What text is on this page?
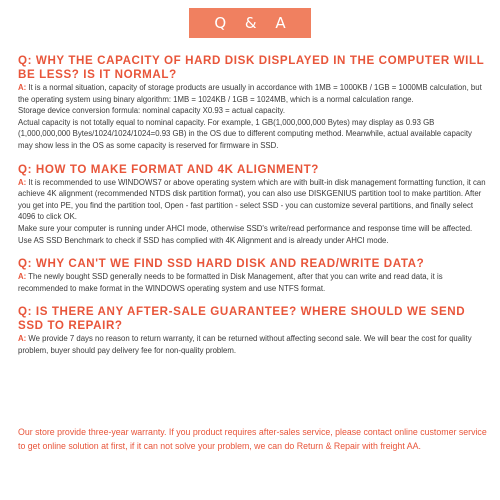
Q & A
Q: WHY THE CAPACITY OF HARD DISK DISPLAYED IN THE COMPUTER WILL BE LESS? IS IT NORMAL?
A: It is a normal situation, capacity of storage products are usually in accordance with 1MB = 1000KB / 1GB = 1000MB calculation, but the operating system using binary algorithm: 1MB = 1024KB / 1GB = 1024MB, which is a normal calculation range.
Storage device conversion formula: nominal capacity X0.93 = actual capacity.
Actual capacity is not totally equal to nominal capacity. For example, 1 GB(1,000,000,000 Bytes) may display as 0.93 GB (1,000,000,000 Bytes/1024/1024/1024=0.93 GB) in the OS due to different computing method. Meanwhile, actual available capacity may show less in the OS as some capacity is reserved for firmware in SSD.
Q: HOW TO MAKE FORMAT AND 4K ALIGNMENT?
A: It is recommended to use WINDOWS7 or above operating system which are with built-in disk management formatting function, it can achieve 4K alignment (recommended NTDS disk partition format), you can also use DISKGENIUS partition tool to make partition. After you get into PE, you find the partition tool, Open - fast partition - select SSD - you can customize several partitions, and finally select 4096 to click OK.
Make sure your computer is running under AHCI mode, otherwise SSD's write/read performance and response time will be affected. Use AS SSD Benchmark to check if SSD has complied with 4K Alignment and is already under AHCI mode.
Q: WHY CAN'T WE FIND SSD HARD DISK AND READ/WRITE DATA?
A: The newly bought SSD generally needs to be formatted in Disk Management, after that you can write and read data, it is recommended to make format in the WINDOWS operating system and use NTFS format.
Q: IS THERE ANY AFTER-SALE GUARANTEE? WHERE SHOULD WE SEND SSD TO REPAIR?
A: We provide 7 days no reason to return warranty, it can be returned without affecting second sale. We will bear the cost for quality problem, buyer should pay delivery fee for non-quality problem.
Our store provide three-year warranty. If you product requires after-sales service, please contact online customer service to get online solution at first, if it can not solve your problem, we can do Return & Repair with freight AA.
